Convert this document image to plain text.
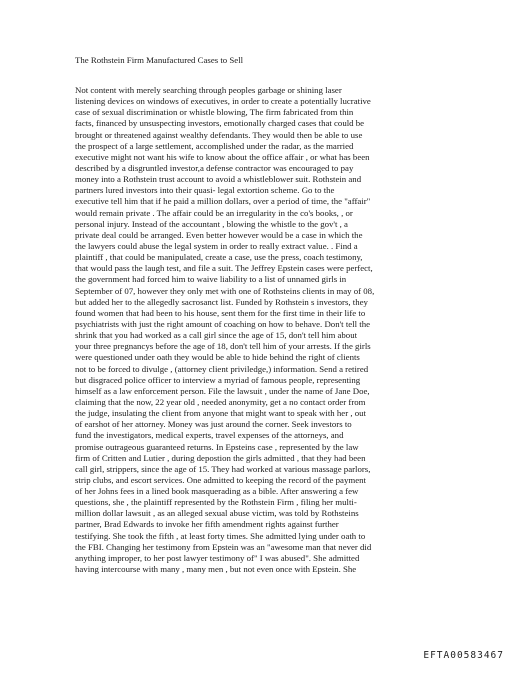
The Rothstein Firm Manufactured Cases to Sell
Not content with merely searching through peoples garbage or shining laser
listening devices on windows of executives, in order to create a potentially lucrative
case of sexual discrimination or whistle blowing, The firm fabricated from thin
facts, financed by unsuspecting investors, emotionally charged cases that could be
brought or threatened against wealthy defendants. They would then be able to use
the prospect of a large settlement, accomplished under the radar, as the married
executive might not want his wife to know about the office affair , or what has been
described by a disgruntled investor,a defense contractor was encouraged to pay
money into a Rothstein trust account to avoid a whistleblower suit. Rothstein and
partners lured investors into their quasi- legal extortion scheme. Go to the
executive tell him that if he paid a million dollars, over a period of time, the "affair"
would remain private . The affair could be an irregularity in the co's books, , or
personal injury. Instead of the accountant , blowing the whistle to the gov't , a
private deal could be arranged. Even better however would be a case in which the
the lawyers could abuse the legal system in order to really extract value. . Find a
plaintiff , that could be manipulated, create a case, use the press, coach testimony,
that would pass the laugh test, and file a suit. The Jeffrey Epstein cases were perfect,
the government had forced him to waive liability to a list of unnamed girls in
September of 07, however they only met with one of Rothsteins clients in may of 08,
but added her to the allegedly sacrosanct list. Funded by Rothstein s investors, they
found women that had been to his house, sent them for the first time in their life to
psychiatrists with just the right amount of coaching on how to behave. Don't tell the
shrink that you had worked as a call girl since the age of 15, don't tell him about
your three pregnancys before the age of 18, don't tell him of your arrests. If the girls
were questioned under oath they would be able to hide behind the right of clients
not to be forced to divulge , (attorney client priviledge,) information. Send a retired
but disgraced police officer to interview a myriad of famous people, representing
himself as a law enforcement person. File the lawsuit , under the name of Jane Doe,
claiming that the now, 22 year old , needed anonymity, get a no contact order from
the judge, insulating the client from anyone that might want to speak with her , out
of earshot of her attorney. Money was just around the corner. Seek investors to
fund the investigators, medical experts, travel expenses of the attorneys, and
promise outrageous guaranteed returns. In Epsteins case , represented by the law
firm of Critten and Lutier , during depostion the girls admitted , that they had been
call girl, strippers, since the age of 15. They had worked at various massage parlors,
strip clubs, and escort services. One admitted to keeping the record of the payment
of her Johns fees in a lined book masquerading as a bible. After answering a few
questions, she , the plaintiff represented by the Rothstein Firm , filing her multi-
million dollar lawsuit , as an alleged sexual abuse victim, was told by Rothsteins
partner, Brad Edwards to invoke her fifth amendment rights against further
testifying. She took the fifth , at least forty times. She admitted lying under oath to
the FBI. Changing her testimony from Epstein was an "awesome man that never did
anything improper, to her post lawyer testimony of" I was abused". She admitted
having intercourse with many , many men , but not even once with Epstein. She
EFTA00583467
